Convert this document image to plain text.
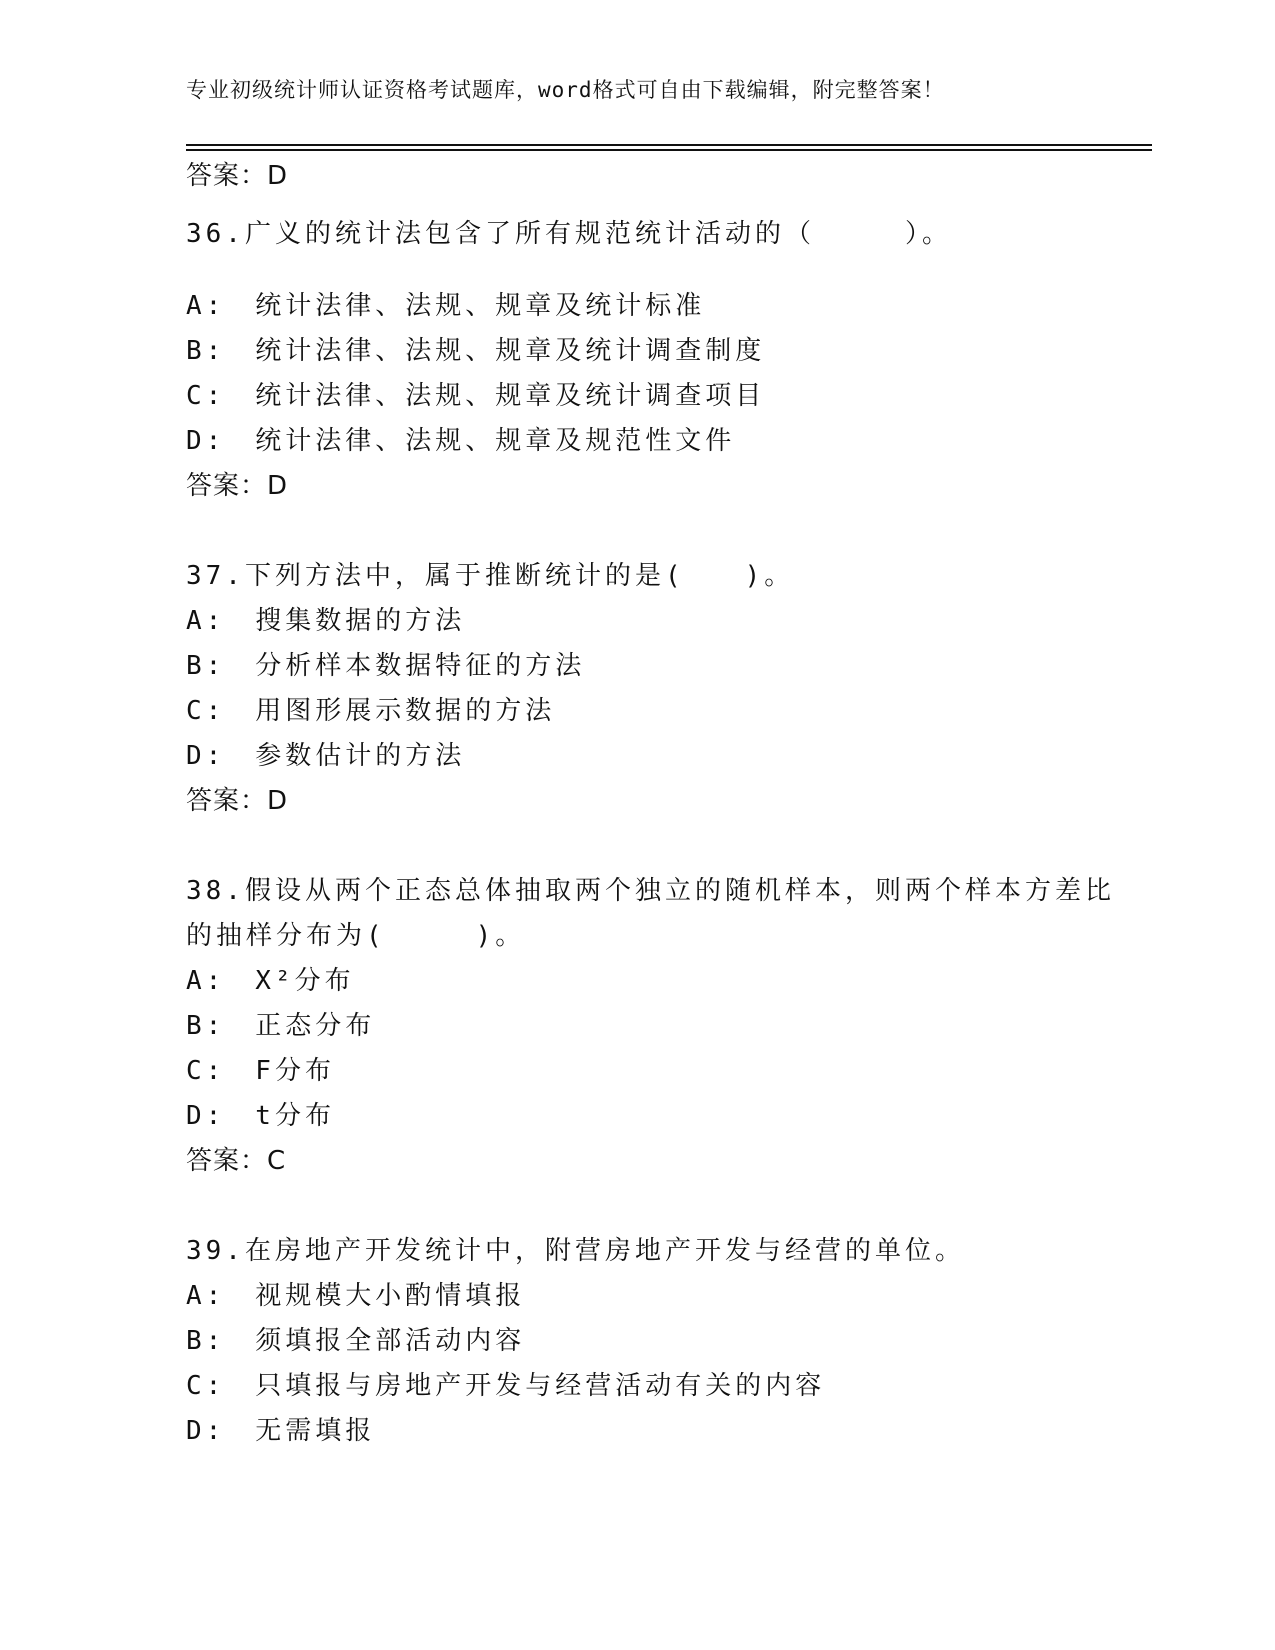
专业初级统计师认证资格考试题库，word格式可自由下载编辑，附完整答案！
答案：D
36.广义的统计法包含了所有规范统计活动的（　　　）。
A:　统计法律、法规、规章及统计标准
B:　统计法律、法规、规章及统计调查制度
C:　统计法律、法规、规章及统计调查项目
D:　统计法律、法规、规章及规范性文件
答案：D
37.下列方法中，属于推断统计的是(　　)。
A:　搜集数据的方法
B:　分析样本数据特征的方法
C:　用图形展示数据的方法
D:　参数估计的方法
答案：D
38.假设从两个正态总体抽取两个独立的随机样本，则两个样本方差比
的抽样分布为(　　　)。
A:　X²分布
B:　正态分布
C:　F分布
D:　t分布
答案：C
39.在房地产开发统计中，附营房地产开发与经营的单位。
A:　视规模大小酌情填报
B:　须填报全部活动内容
C:　只填报与房地产开发与经营活动有关的内容
D:　无需填报
